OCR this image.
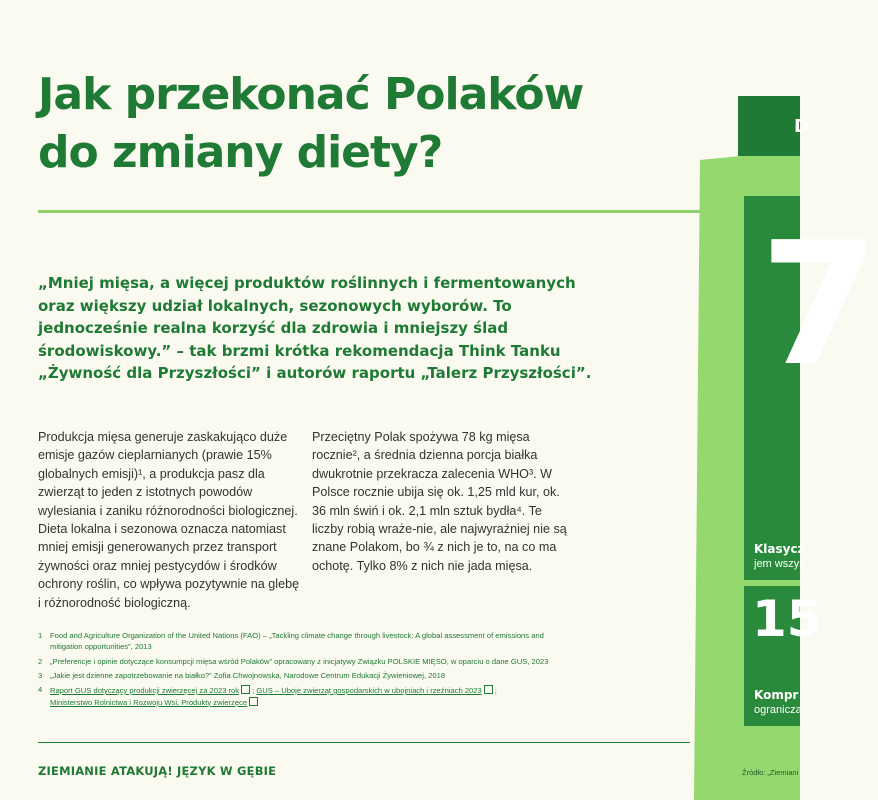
Jak przekonać Polaków
do zmiany diety?

„Mniej mięsa, a więcej produktów roślinnych i fermentowanych oraz większy udział lokalnych, sezonowych wyborów. To jednocześnie realna korzyść dla zdrowia i mniejszy ślad środowiskowy.” – tak brzmi krótka rekomendacja Think Tanku „Żywność dla Przyszłości” i autorów raportu „Talerz Przyszłości”.

Produkcja mięsa generuje zaskakująco duże emisje gazów cieplarnianych (prawie 15% globalnych emisji)¹, a produkcja pasz dla zwierząt to jeden z istotnych powodów wylesiania i zaniku różnorodności biologicznej. Dieta lokalna i sezonowa oznacza natomiast mniej emisji generowanych przez transport żywności oraz mniej pestycydów i środków ochrony roślin, co wpływa pozytywnie na glebę i różnorodność biologiczną.

Przeciętny Polak spożywa 78 kg mięsa rocznie², a średnia dzienna porcja białka dwukrotnie przekracza zalecenia WHO³. W Polsce rocznie ubija się ok. 1,25 mld kur, ok. 36 mln świń i ok. 2,1 mln sztuk bydła⁴. Te liczby robią wraże-nie, ale najwyraźniej nie są znane Polakom, bo ¾ z nich je to, na co ma ochotę. Tylko 8% z nich nie jada mięsa.

1	Food and Agriculture Organization of the United Nations (FAO) – „Tackling climate change through livestock: A global assessment of emissions and mitigation opportunities”, 2013
2	„Preferencje i opinie dotyczące konsumpcji mięsa wśród Polaków” opracowany z inicjatywy Związku POLSKIE MIĘSO, w oparciu o dane GUS, 2023
3	„Jakie jest dzienne zapotrzebowanie na białko?” Zofia Chwojnowska, Narodowe Centrum Edukacji Żywieniowej, 2018
4	Raport GUS dotyczący produkcji zwierzęcej za 2023 rok ; GUS – Uboje zwierząt gospodarskich w ubojniach i rzeźniach 2023 ;
Ministerstwo Rolnictwa i Rozwoju Wsi, Produkty zwierzęce
ZIEMIANIE ATAKUJĄ! JĘZYK W GĘBIE
D
7
Klasycz
jem wszys
15
Kompr
ogranicza
Źródło: „Ziemiani
